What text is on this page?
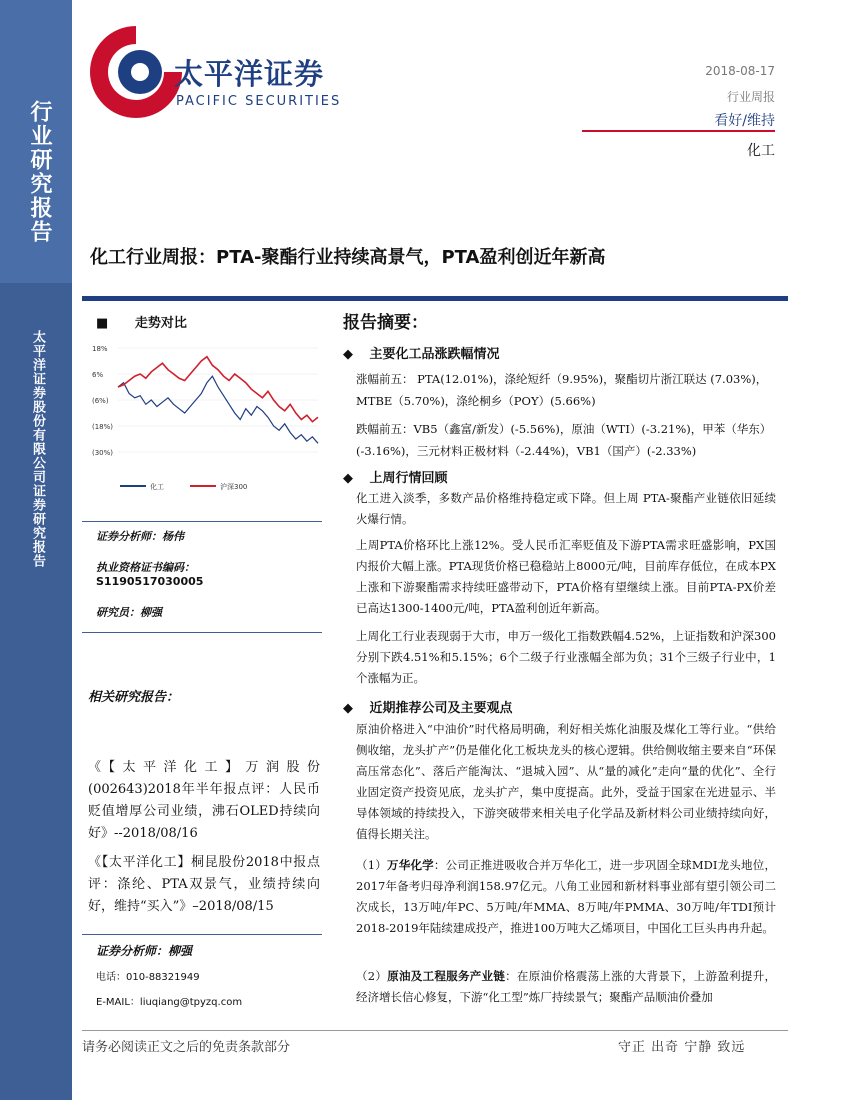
行业研究报告
太平洋证券股份有限公司证券研究报告
太平洋证券
PACIFIC SECURITIES
2018-08-17
行业周报
看好/维持
化工
化工行业周报：PTA-聚酯行业持续高景气，PTA盈利创近年新高
■ 走势对比
18%
6%
(6%)
(18%)
(30%)
化工	沪深300
证券分析师：杨伟
执业资格证书编码：
S1190517030005
研究员：柳强
相关研究报告：
《【太平洋化工】万润股份(002643)2018年半年报点评：人民币贬值增厚公司业绩，沸石OLED持续向好》--2018/08/16
《【太平洋化工】桐昆股份2018中报点评：涤纶、PTA双景气，业绩持续向好，维持“买入”》–2018/08/15
证券分析师：柳强
电话：010-88321949
E-MAIL：liuqiang@tpyzq.com
报告摘要：
◆ 主要化工品涨跌幅情况
涨幅前五： PTA(12.01%)，涤纶短纤（9.95%)，聚酯切片浙江联达 (7.03%)，
MTBE（5.70%)，涤纶桐乡（POY）(5.66%)
跌幅前五：VB5（鑫富/新发）(-5.56%)，原油（WTI）(-3.21%)，甲苯（华东）
(-3.16%)，三元材料正极材料（-2.44%)，VB1（国产）(-2.33%)
◆ 上周行情回顾
化工进入淡季，多数产品价格维持稳定或下降。但上周 PTA-聚酯产业链依旧延续火爆行情。
上周PTA价格环比上涨12%。受人民币汇率贬值及下游PTA需求旺盛影响，PX国内报价大幅上涨。PTA现货价格已稳稳站上8000元/吨，目前库存低位，在成本PX上涨和下游聚酯需求持续旺盛带动下，PTA价格有望继续上涨。目前PTA-PX价差已高达1300-1400元/吨，PTA盈利创近年新高。
上周化工行业表现弱于大市，申万一级化工指数跌幅4.52%，上证指数和沪深300分别下跌4.51%和5.15%；6个二级子行业涨幅全部为负；31个三级子行业中，1个涨幅为正。
◆ 近期推荐公司及主要观点
原油价格进入“中油价”时代格局明确，利好相关炼化油服及煤化工等行业。“供给侧收缩，龙头扩产”仍是催化化工板块龙头的核心逻辑。供给侧收缩主要来自“环保高压常态化”、落后产能淘汰、“退城入园”、从“量的减化”走向“量的优化”、全行业固定资产投资见底，龙头扩产，集中度提高。此外，受益于国家在光进显示、半导体领域的持续投入，下游突破带来相关电子化学品及新材料公司业绩持续向好，值得长期关注。
（1）万华化学：公司正推进吸收合并万华化工，进一步巩固全球MDI龙头地位， 2017年备考归母净利润158.97亿元。八角工业园和新材料事业部有望引领公司二次成长，13万吨/年PC、5万吨/年MMA、8万吨/年PMMA、30万吨/年TDI预计2018-2019年陆续建成投产，推进100万吨大乙烯项目，中国化工巨头冉冉升起。
（2）原油及工程服务产业链：在原油价格震荡上涨的大背景下，上游盈利提升，经济增长信心修复，下游“化工型”炼厂持续景气；聚酯产品顺油价叠加
请务必阅读正文之后的免责条款部分	守正 出奇 宁静 致远
